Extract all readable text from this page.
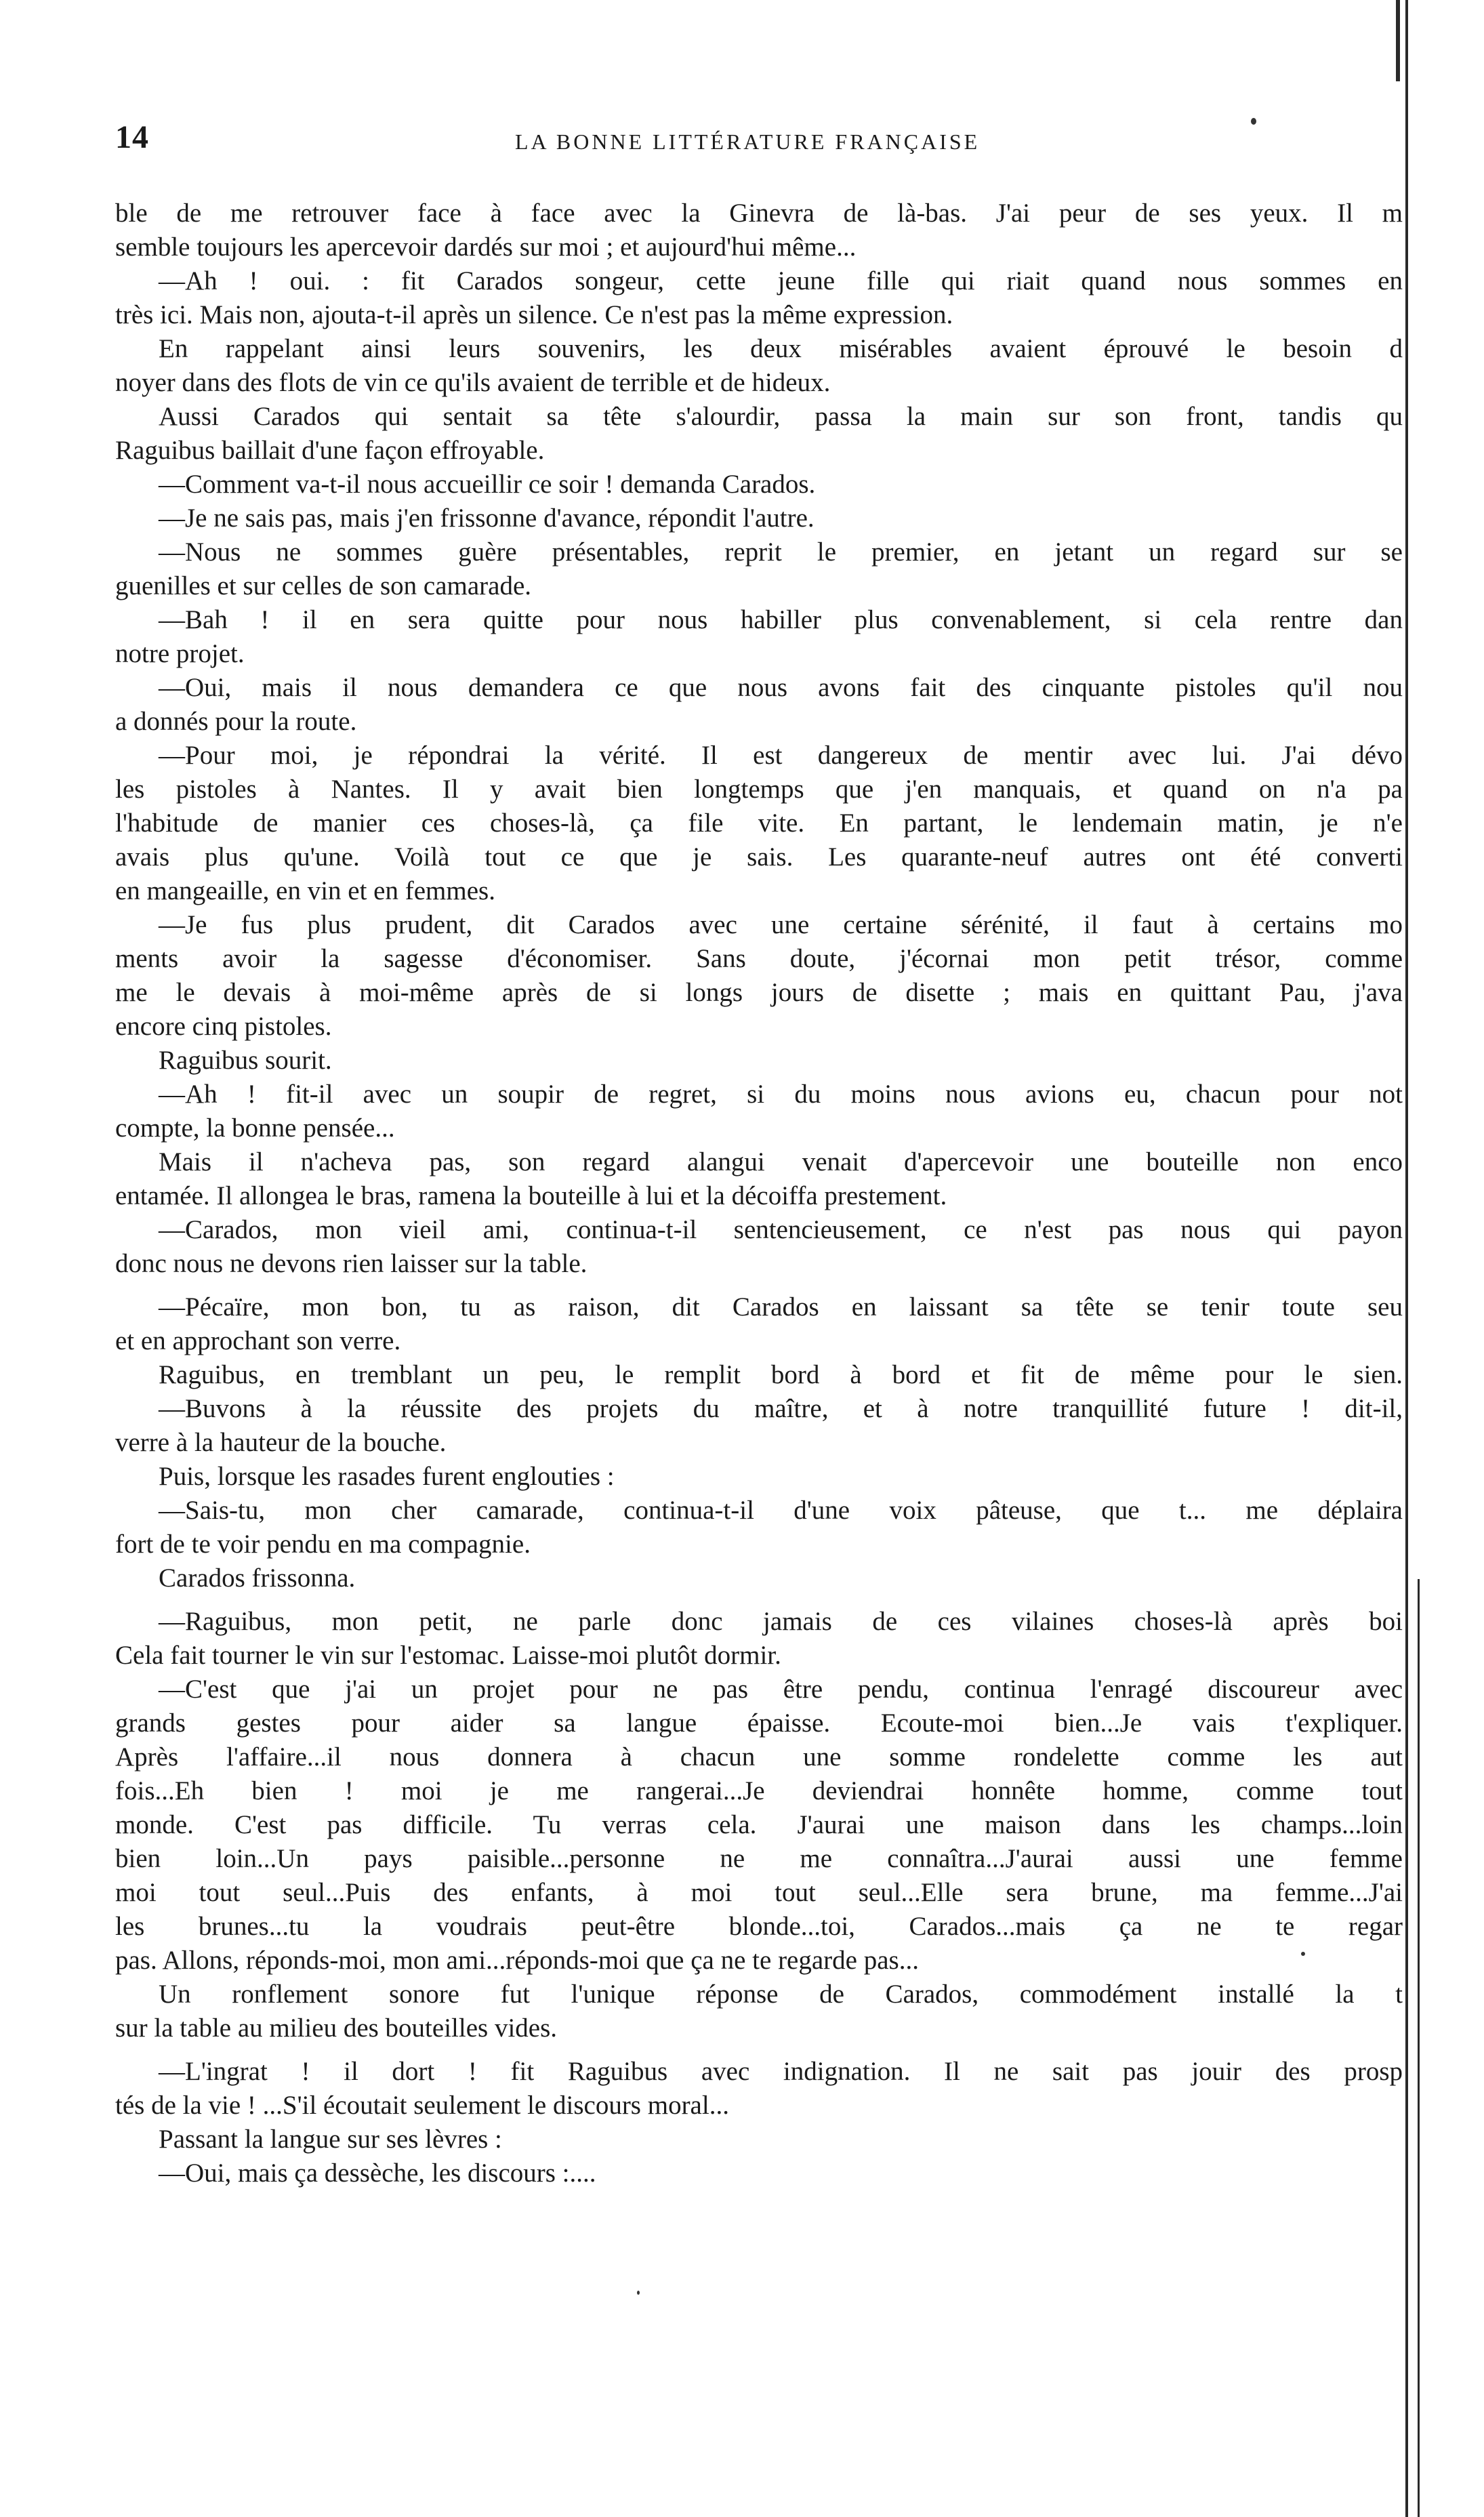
14	LA BONNE LITTÉRATURE FRANÇAISE
ble de me retrouver face à face avec la Ginevra de là-bas. J'ai peur de ses yeux. Il m
semble toujours les apercevoir dardés sur moi ; et aujourd'hui même...
—Ah ! oui. : fit Carados songeur, cette jeune fille qui riait quand nous sommes en
très ici. Mais non, ajouta-t-il après un silence. Ce n'est pas la même expression.
En rappelant ainsi leurs souvenirs, les deux misérables avaient éprouvé le besoin d
noyer dans des flots de vin ce qu'ils avaient de terrible et de hideux.
Aussi Carados qui sentait sa tête s'alourdir, passa la main sur son front, tandis qu
Raguibus baillait d'une façon effroyable.
—Comment va-t-il nous accueillir ce soir ! demanda Carados.
—Je ne sais pas, mais j'en frissonne d'avance, répondit l'autre.
—Nous ne sommes guère présentables, reprit le premier, en jetant un regard sur se
guenilles et sur celles de son camarade.
—Bah ! il en sera quitte pour nous habiller plus convenablement, si cela rentre dan
notre projet.
—Oui, mais il nous demandera ce que nous avons fait des cinquante pistoles qu'il nou
a donnés pour la route.
—Pour moi, je répondrai la vérité. Il est dangereux de mentir avec lui. J'ai dévo
les pistoles à Nantes. Il y avait bien longtemps que j'en manquais, et quand on n'a pa
l'habitude de manier ces choses-là, ça file vite. En partant, le lendemain matin, je n'e
avais plus qu'une. Voilà tout ce que je sais. Les quarante-neuf autres ont été converti
en mangeaille, en vin et en femmes.
—Je fus plus prudent, dit Carados avec une certaine sérénité, il faut à certains mo
ments avoir la sagesse d'économiser. Sans doute, j'écornai mon petit trésor, comme
me le devais à moi-même après de si longs jours de disette ; mais en quittant Pau, j'ava
encore cinq pistoles.
Raguibus sourit.
—Ah ! fit-il avec un soupir de regret, si du moins nous avions eu, chacun pour not
compte, la bonne pensée...
Mais il n'acheva pas, son regard alangui venait d'apercevoir une bouteille non enco
entamée. Il allongea le bras, ramena la bouteille à lui et la décoiffa prestement.
—Carados, mon vieil ami, continua-t-il sentencieusement, ce n'est pas nous qui payon
donc nous ne devons rien laisser sur la table.
—Pécaïre, mon bon, tu as raison, dit Carados en laissant sa tête se tenir toute seu
et en approchant son verre.
Raguibus, en tremblant un peu, le remplit bord à bord et fit de même pour le sien.
—Buvons à la réussite des projets du maître, et à notre tranquillité future ! dit-il,
verre à la hauteur de la bouche.
Puis, lorsque les rasades furent englouties :
—Sais-tu, mon cher camarade, continua-t-il d'une voix pâteuse, que t... me déplaira
fort de te voir pendu en ma compagnie.
Carados frissonna.
—Raguibus, mon petit, ne parle donc jamais de ces vilaines choses-là après boi
Cela fait tourner le vin sur l'estomac. Laisse-moi plutôt dormir.
—C'est que j'ai un projet pour ne pas être pendu, continua l'enragé discoureur avec
grands gestes pour aider sa langue épaisse. Ecoute-moi bien...Je vais t'expliquer.
Après l'affaire...il nous donnera à chacun une somme rondelette comme les aut
fois...Eh bien ! moi je me rangerai...Je deviendrai honnête homme, comme tout
monde. C'est pas difficile. Tu verras cela. J'aurai une maison dans les champs...loin
bien loin...Un pays paisible...personne ne me connaîtra...J'aurai aussi une femme
moi tout seul...Puis des enfants, à moi tout seul...Elle sera brune, ma femme...J'ai
les brunes...tu la voudrais peut-être blonde...toi, Carados...mais ça ne te regar
pas. Allons, réponds-moi, mon ami...réponds-moi que ça ne te regarde pas...
Un ronflement sonore fut l'unique réponse de Carados, commodément installé la t
sur la table au milieu des bouteilles vides.
—L'ingrat ! il dort ! fit Raguibus avec indignation. Il ne sait pas jouir des prosp
tés de la vie ! ...S'il écoutait seulement le discours moral...
Passant la langue sur ses lèvres :
—Oui, mais ça dessèche, les discours :....
